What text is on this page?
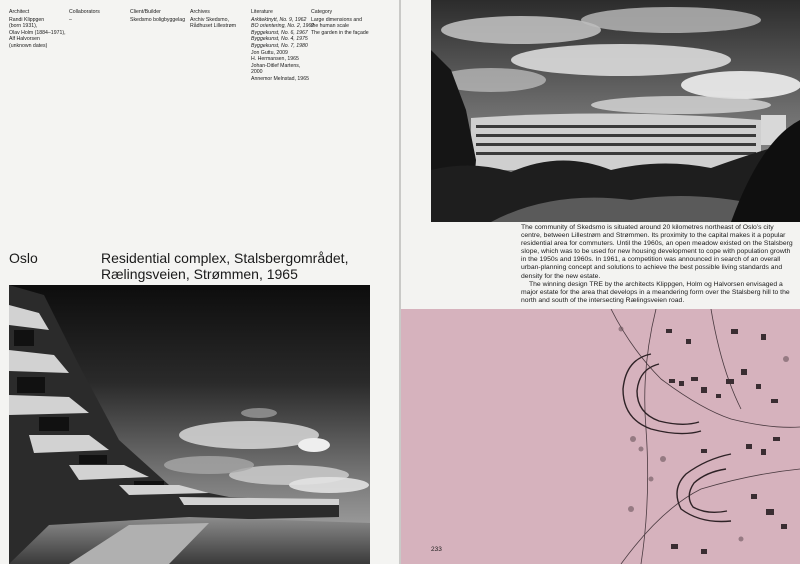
Architect
Randi Klippgen
(born 1931),
Olav Holm (1884–1971),
Alf Halvorsen
(unknown dates)
Collaborators
–
Client/Builder
Skedsmo boligbyggelag
Archives
Archiv Skedsmo,
Rådhuset Lillestrøm
Literature
Arkitektnytt, No. 9, 1962
BO orientering, No. 2, 1962
Byggekunst, No. 6, 1967
Byggekunst, No. 4, 1975
Byggekunst, No. 7, 1980
Jon Guttu, 2009
H. Hermansen, 1965
Johan-Ditlef Martens,
2000
Annemor Melnstad, 1965
Category
Large dimensions and
the human scale
The garden in the façade
Oslo	Residential complex, Stalsbergområdet, Rælingsveien, Strømmen, 1965

The community of Skedsmo is situated around 20 kilometres northeast of Oslo’s city centre, between Lillestrøm and Strømmen. Its proximity to the capital makes it a popular residential area for commuters. Until the 1960s, an open meadow existed on the Stalsberg slope, which was to be used for new housing development to cope with population growth in the 1950s and 1960s. In 1961, a competition was announced in search of an overall urban-planning concept and solutions to achieve the best possible living standards and density for the new estate.

The winning design TRE by the architects Klippgen, Holm og Halvorsen envisaged a major estate for the area that develops in a meandering form over the Stalsberg hill to the north and south of the intersecting Rælingsveien road.

233
